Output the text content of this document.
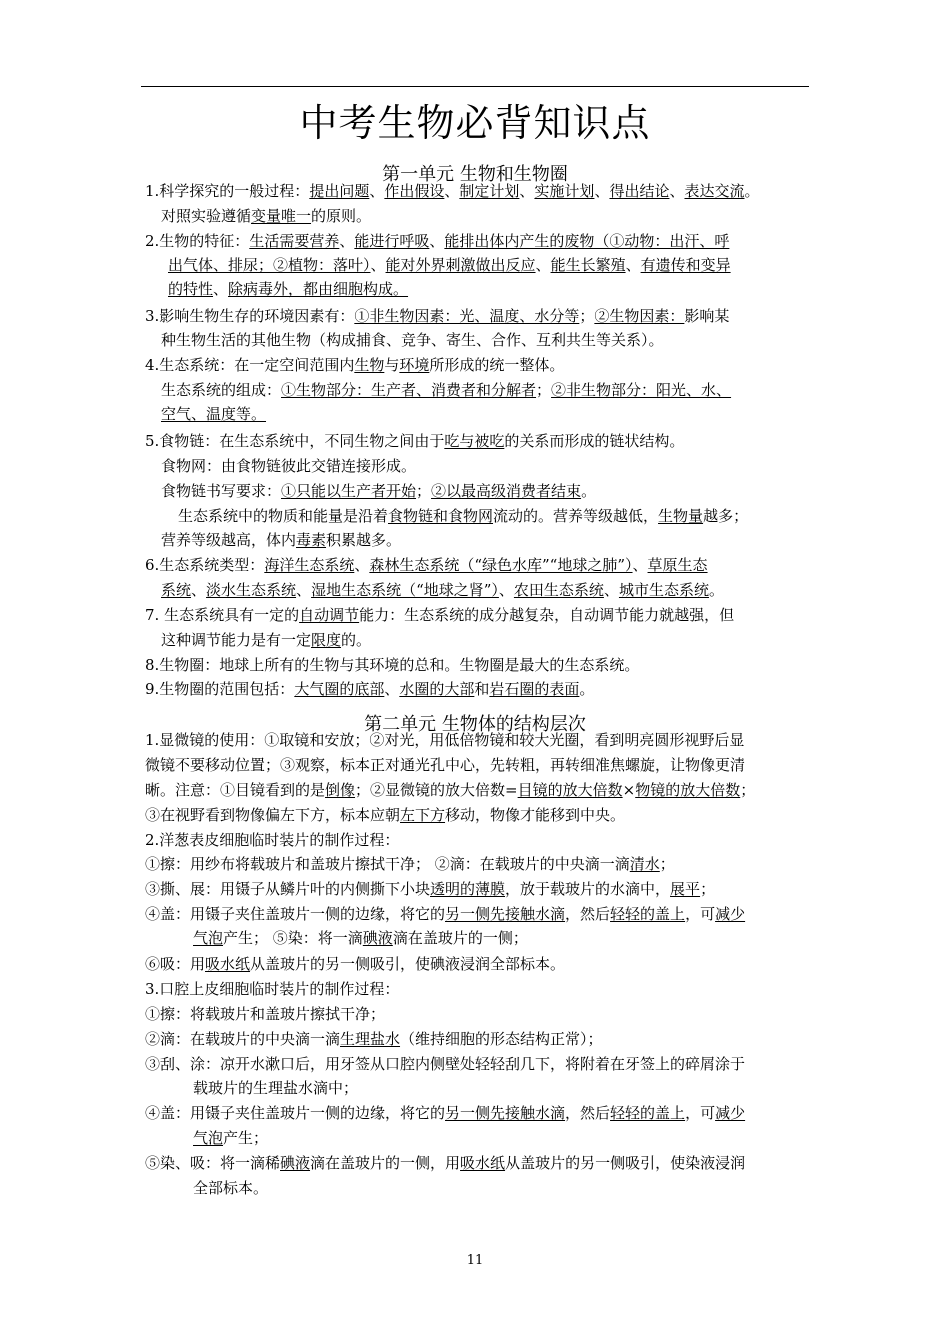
中考生物必背知识点
第一单元 生物和生物圈
第二单元 生物体的结构层次
1.科学探究的一般过程：提出问题、作出假设、制定计划、实施计划、得出结论、表达交流。
对照实验遵循变量唯一的原则。
2.生物的特征：生活需要营养、能进行呼吸、能排出体内产生的废物（①动物：出汗、呼
出气体、排尿；②植物：落叶）、能对外界刺激做出反应、能生长繁殖、有遗传和变异
的特性、除病毒外，都由细胞构成。
3.影响生物生存的环境因素有：①非生物因素：光、温度、水分等；②生物因素：影响某
种生物生活的其他生物（构成捕食、竞争、寄生、合作、互利共生等关系）。
4.生态系统：在一定空间范围内生物与环境所形成的统一整体。
生态系统的组成：①生物部分：生产者、消费者和分解者；②非生物部分：阳光、水、
空气、温度等。
5.食物链：在生态系统中，不同生物之间由于吃与被吃的关系而形成的链状结构。
食物网：由食物链彼此交错连接形成。
食物链书写要求：①只能以生产者开始；②以最高级消费者结束。
生态系统中的物质和能量是沿着食物链和食物网流动的。营养等级越低，生物量越多；
营养等级越高，体内毒素积累越多。
6.生态系统类型：海洋生态系统、森林生态系统（“绿色水库”“地球之肺”）、草原生态
系统、淡水生态系统、湿地生态系统（“地球之肾”）、农田生态系统、城市生态系统。
7. 生态系统具有一定的自动调节能力：生态系统的成分越复杂，自动调节能力就越强，但
这种调节能力是有一定限度的。
8.生物圈：地球上所有的生物与其环境的总和。生物圈是最大的生态系统。
9.生物圈的范围包括：大气圈的底部、水圈的大部和岩石圈的表面。
1.显微镜的使用：①取镜和安放；②对光，用低倍物镜和较大光圈，看到明亮圆形视野后显
微镜不要移动位置；③观察，标本正对通光孔中心，先转粗，再转细准焦螺旋，让物像更清
晰。注意：①目镜看到的是倒像；②显微镜的放大倍数=目镜的放大倍数×物镜的放大倍数；
③在视野看到物像偏左下方，标本应朝左下方移动，物像才能移到中央。
2.洋葱表皮细胞临时装片的制作过程：
①擦：用纱布将载玻片和盖玻片擦拭干净； ②滴：在载玻片的中央滴一滴清水；
③撕、展：用镊子从鳞片叶的内侧撕下小块透明的薄膜，放于载玻片的水滴中，展平；
④盖：用镊子夹住盖玻片一侧的边缘，将它的另一侧先接触水滴，然后轻轻的盖上，可减少
气泡产生； ⑤染：将一滴碘液滴在盖玻片的一侧；
⑥吸：用吸水纸从盖玻片的另一侧吸引，使碘液浸润全部标本。
3.口腔上皮细胞临时装片的制作过程：
①擦：将载玻片和盖玻片擦拭干净；
②滴：在载玻片的中央滴一滴生理盐水（维持细胞的形态结构正常）；
③刮、涂：凉开水漱口后，用牙签从口腔内侧壁处轻轻刮几下，将附着在牙签上的碎屑涂于
载玻片的生理盐水滴中；
④盖：用镊子夹住盖玻片一侧的边缘，将它的另一侧先接触水滴，然后轻轻的盖上，可减少
气泡产生；
⑤染、吸：将一滴稀碘液滴在盖玻片的一侧，用吸水纸从盖玻片的另一侧吸引，使染液浸润
全部标本。
11
